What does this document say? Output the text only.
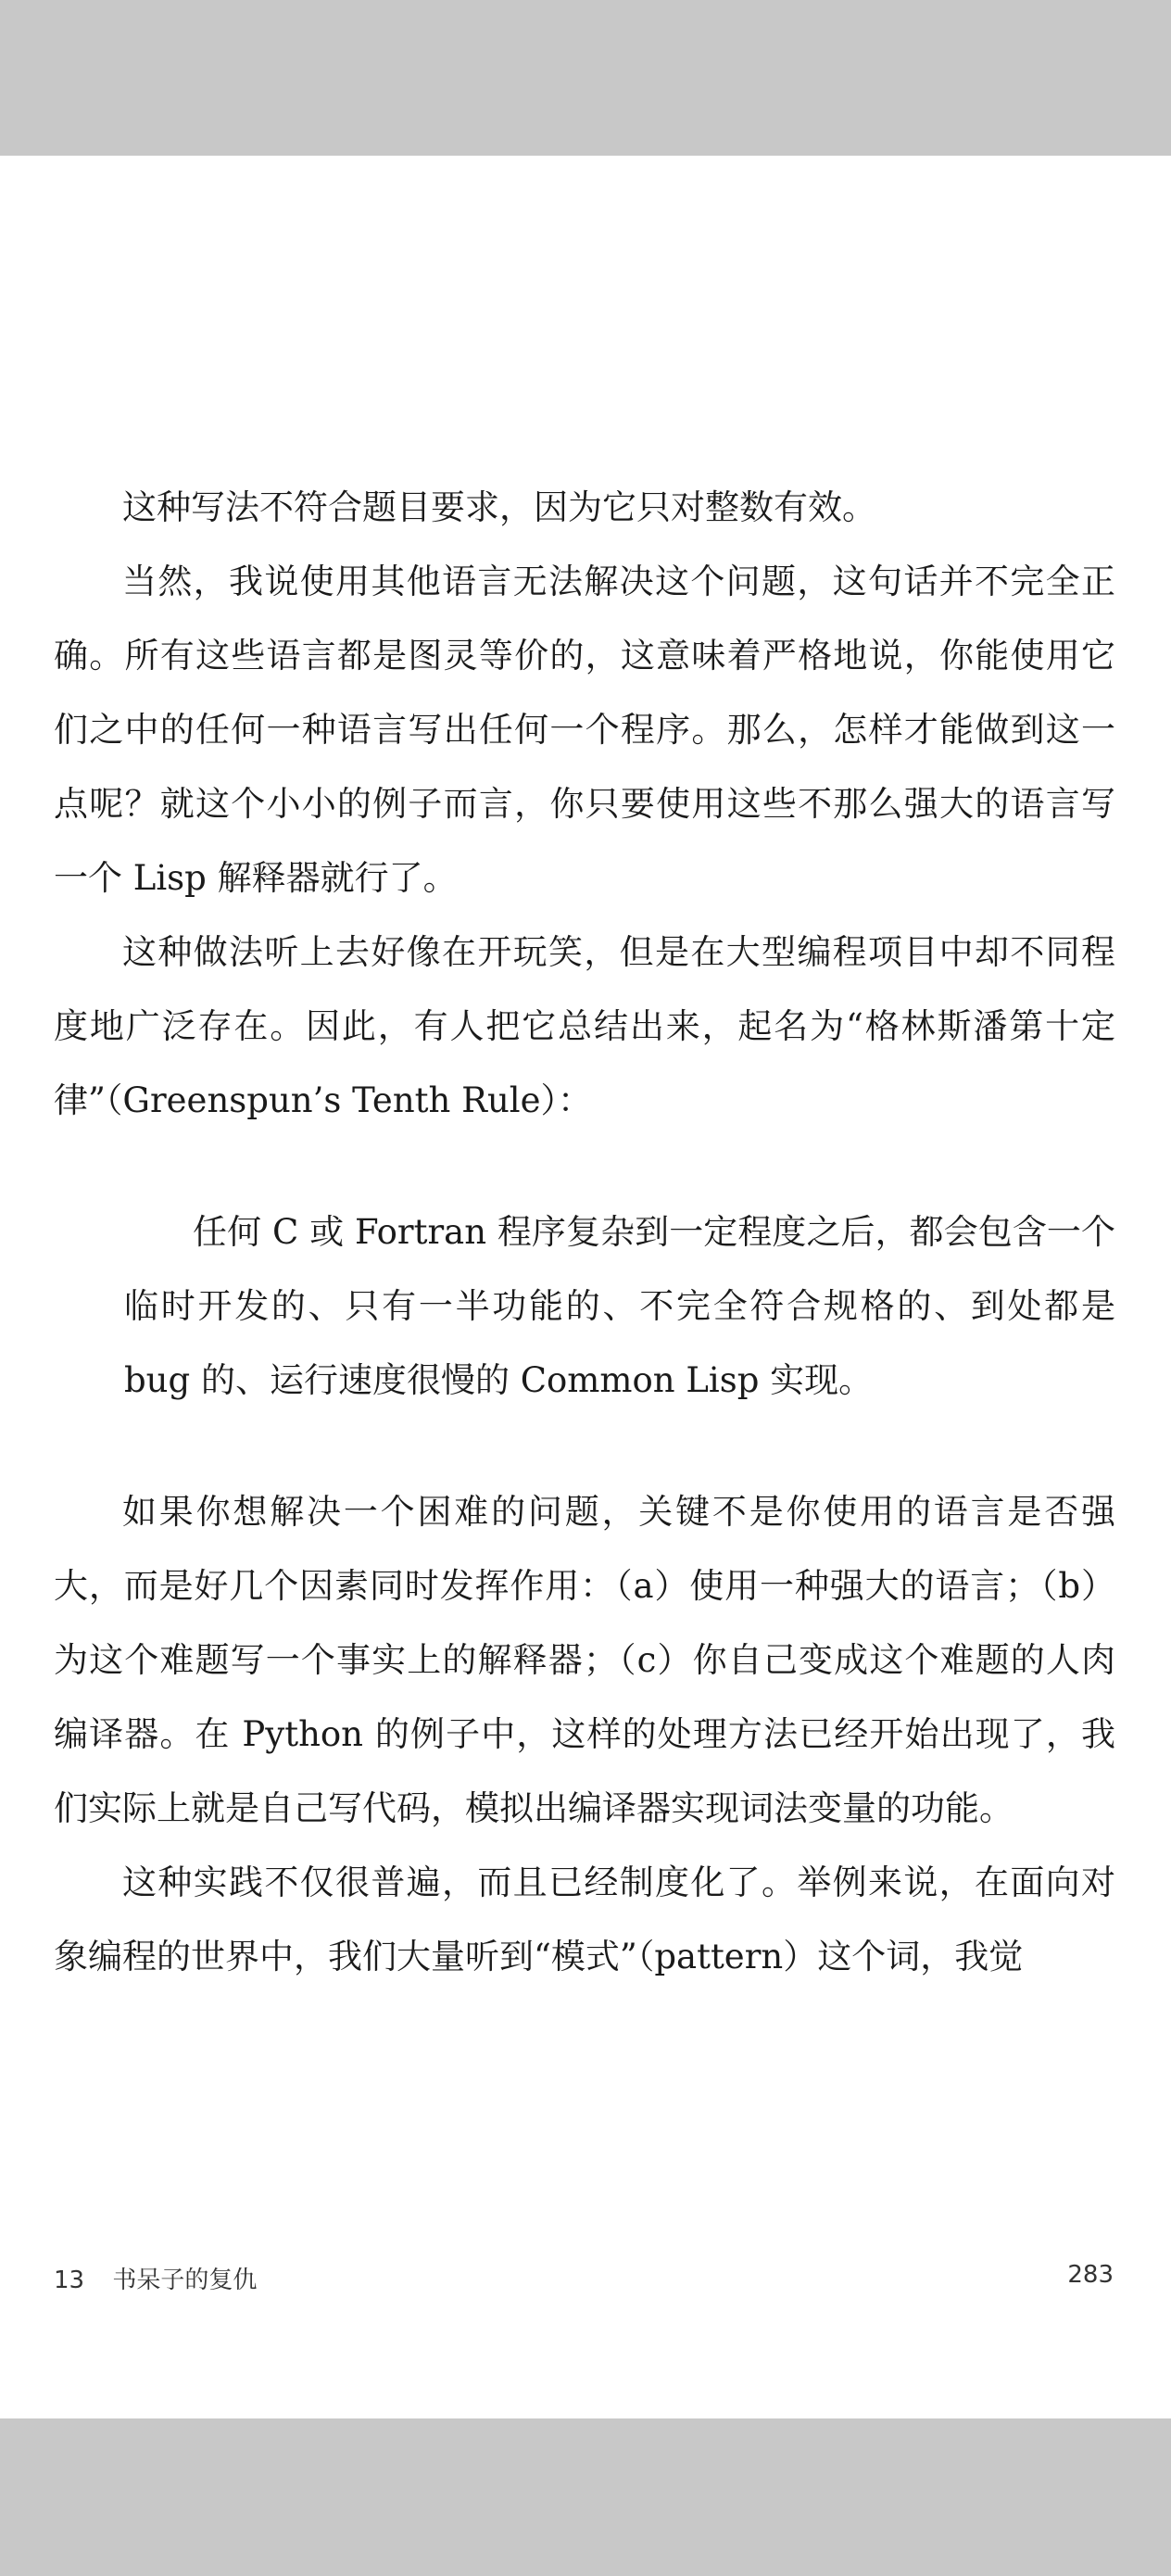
这种写法不符合题目要求，因为它只对整数有效。

当然，我说使用其他语言无法解决这个问题，这句话并不完全正确。所有这些语言都是图灵等价的，这意味着严格地说，你能使用它们之中的任何一种语言写出任何一个程序。那么，怎样才能做到这一点呢？就这个小小的例子而言，你只要使用这些不那么强大的语言写一个 Lisp 解释器就行了。

这种做法听上去好像在开玩笑，但是在大型编程项目中却不同程度地广泛存在。因此，有人把它总结出来，起名为“格林斯潘第十定律”（Greenspun’s Tenth Rule）：

任何 C 或 Fortran 程序复杂到一定程度之后，都会包含一个临时开发的、只有一半功能的、不完全符合规格的、到处都是 bug 的、运行速度很慢的 Common Lisp 实现。

如果你想解决一个困难的问题，关键不是你使用的语言是否强大，而是好几个因素同时发挥作用：（a）使用一种强大的语言；（b）为这个难题写一个事实上的解释器；（c）你自己变成这个难题的人肉编译器。在 Python 的例子中，这样的处理方法已经开始出现了，我们实际上就是自己写代码，模拟出编译器实现词法变量的功能。

这种实践不仅很普遍，而且已经制度化了。举例来说，在面向对象编程的世界中，我们大量听到“模式”（pattern）这个词，我觉

13 书呆子的复仇	283
